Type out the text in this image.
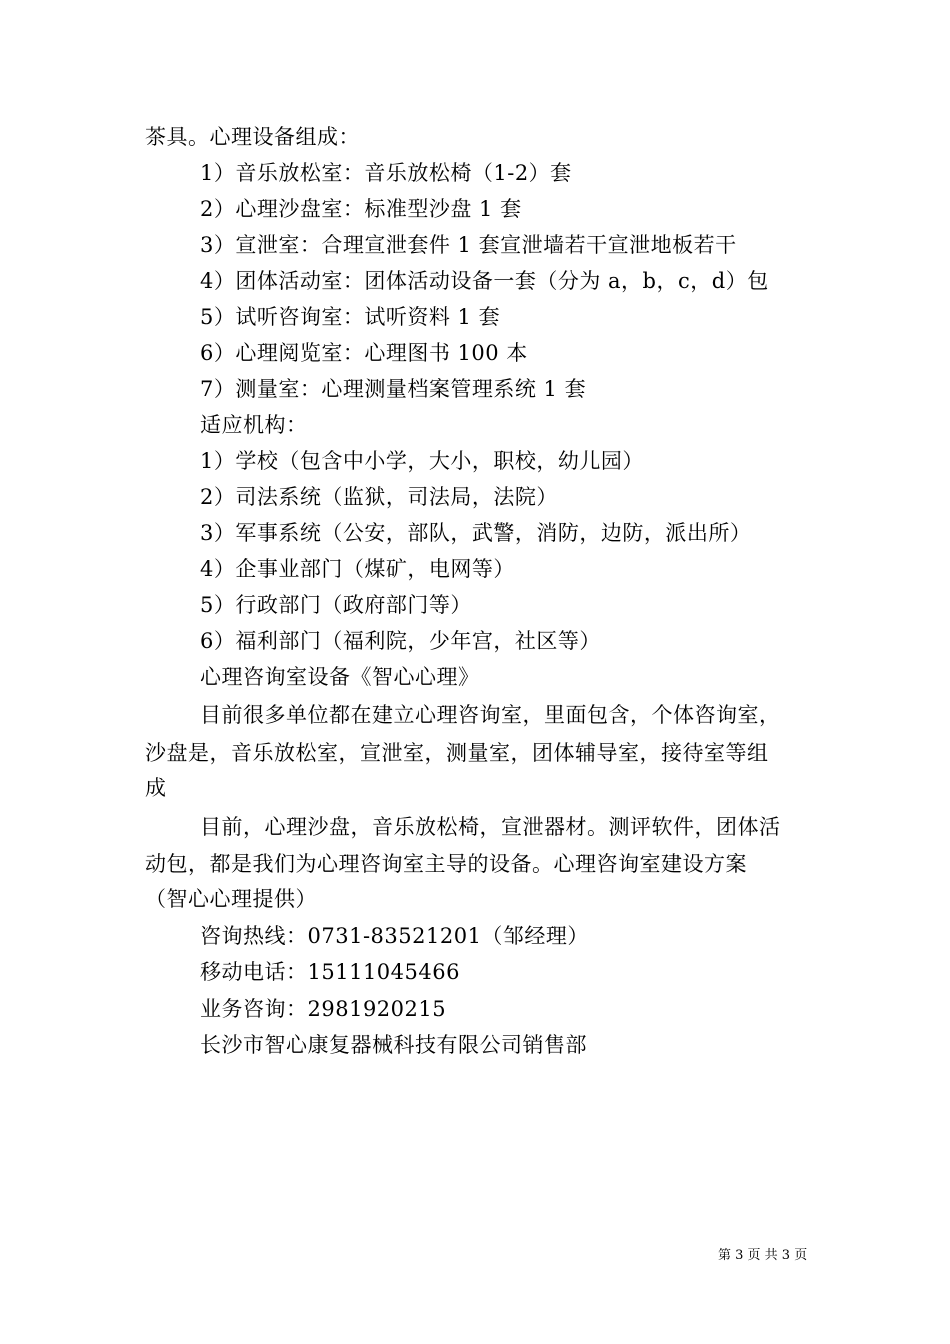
茶具。心理设备组成：
1）音乐放松室：音乐放松椅（1-2）套
2）心理沙盘室：标准型沙盘 1 套
3）宣泄室：合理宣泄套件 1 套宣泄墙若干宣泄地板若干
4）团体活动室：团体活动设备一套（分为 a，b，c，d）包
5）试听咨询室：试听资料 1 套
6）心理阅览室：心理图书 100 本
7）测量室：心理测量档案管理系统 1 套
适应机构：
1）学校（包含中小学，大小，职校，幼儿园）
2）司法系统（监狱，司法局，法院）
3）军事系统（公安，部队，武警，消防，边防，派出所）
4）企事业部门（煤矿，电网等）
5）行政部门（政府部门等）
6）福利部门（福利院，少年宫，社区等）
心理咨询室设备《智心心理》
目前很多单位都在建立心理咨询室，里面包含，个体咨询室，
沙盘是，音乐放松室，宣泄室，测量室，团体辅导室，接待室等组
成
目前，心理沙盘，音乐放松椅，宣泄器材。测评软件，团体活
动包，都是我们为心理咨询室主导的设备。心理咨询室建设方案
（智心心理提供）
咨询热线：0731-83521201（邹经理）
移动电话：15111045466
业务咨询：2981920215
长沙市智心康复器械科技有限公司销售部
第 3 页 共 3 页
